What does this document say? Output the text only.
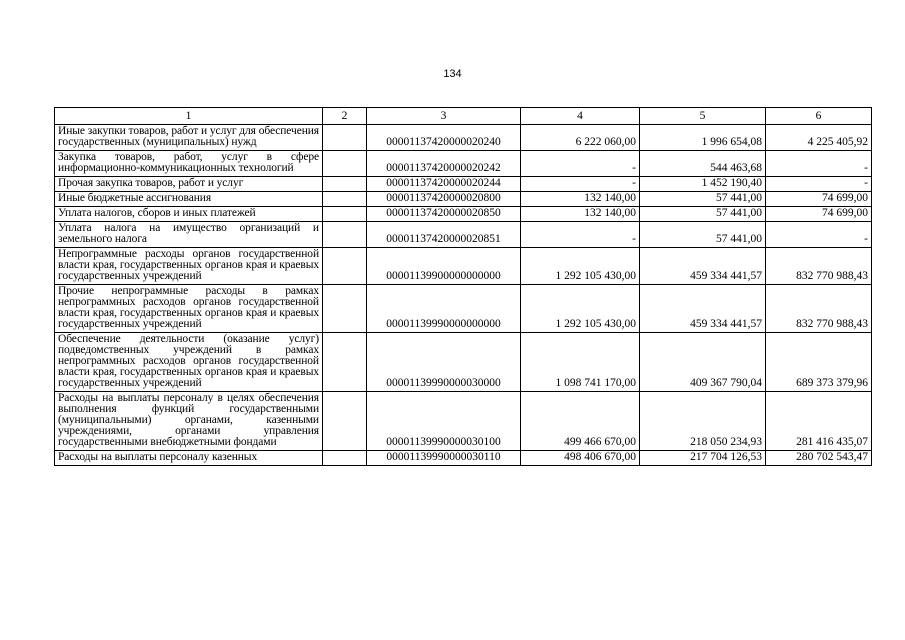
134
1	2	3	4	5	6
Иные закупки товаров, работ и услуг для обеспечения государственных (муниципальных) нужд		00001137420000020240	6 222 060,00	1 996 654,08	4 225 405,92
Закупка товаров, работ, услуг в сфере информационно-коммуникационных технологий		00001137420000020242	-	544 463,68	-
Прочая закупка товаров, работ и услуг		00001137420000020244	-	1 452 190,40	-
Иные бюджетные ассигнования		00001137420000020800	132 140,00	57 441,00	74 699,00
Уплата налогов, сборов и иных платежей		00001137420000020850	132 140,00	57 441,00	74 699,00
Уплата налога на имущество организаций и земельного налога		00001137420000020851	-	57 441,00	-
Непрограммные расходы органов государственной власти края, государственных органов края и краевых государственных учреждений		00001139900000000000	1 292 105 430,00	459 334 441,57	832 770 988,43
Прочие непрограммные расходы в рамках непрограммных расходов органов государственной власти края, государственных органов края и краевых государственных учреждений		00001139990000000000	1 292 105 430,00	459 334 441,57	832 770 988,43
Обеспечение деятельности (оказание услуг) подведомственных учреждений в рамках непрограммных расходов органов государственной власти края, государственных органов края и краевых государственных учреждений		00001139990000030000	1 098 741 170,00	409 367 790,04	689 373 379,96
Расходы на выплаты персоналу в целях обеспечения выполнения функций государственными (муниципальными) органами, казенными учреждениями, органами управления государственными внебюджетными фондами		00001139990000030100	499 466 670,00	218 050 234,93	281 416 435,07
Расходы на выплаты персоналу казенных		00001139990000030110	498 406 670,00	217 704 126,53	280 702 543,47
